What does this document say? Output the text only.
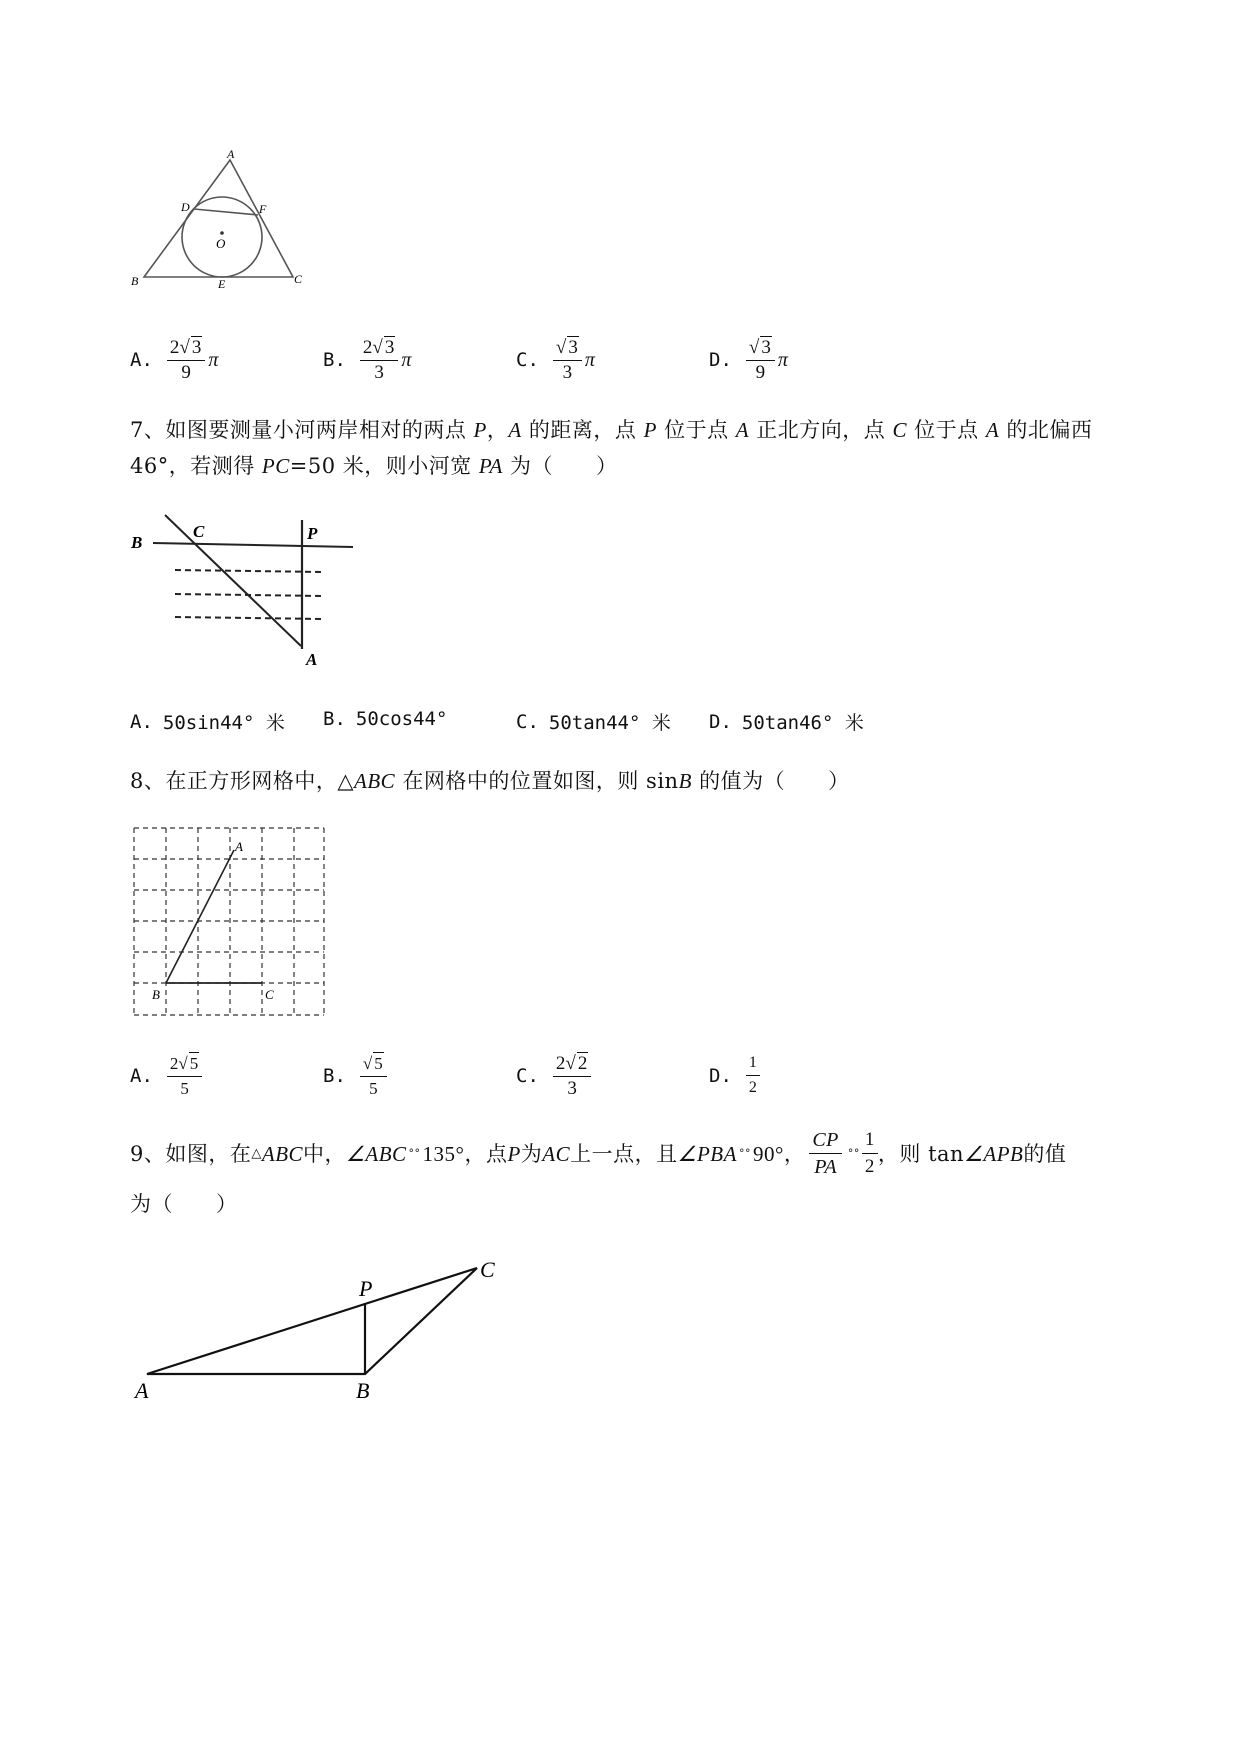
A
D	F
O
B	E	C
A. $\frac{2√ 3}{9}$ π	B. $\frac{2√ 3}{3}$ π	C. $\frac{√ 3}{3}$ π	D. $\frac{√ 3}{9}$ π
7、如图要测量小河两岸相对的两点 P，A 的距离，点 P 位于点 A 正北方向，点 C 位于点 A 的北偏西
46°，若测得 PC=50 米，则小河宽 PA 为（　　）
B
C	P
A
A. 50sin44° 米 B. 50cos44°	C. 50tan44° 米 D. 50tan46° 米
8、在正方形网格中，△ABC 在网格中的位置如图，则 sinB 的值为（　　）
A
B	C
A. $\frac{2√ 5}{5}$	B. $\frac{√ 5}{5}$	C. $\frac{2√ 2}{3}$	D. $\frac{1}{2}$
9、如图，在 △ ABC 中， ∠ABC °° 135° ，点 P 为 AC 上一点，且 ∠PBA °° 90° ， $\frac{CP}{PA}$ °° $\frac{1}{2}$ ，则 tan ∠APB 的值
为（　　）
A	B
P
C
